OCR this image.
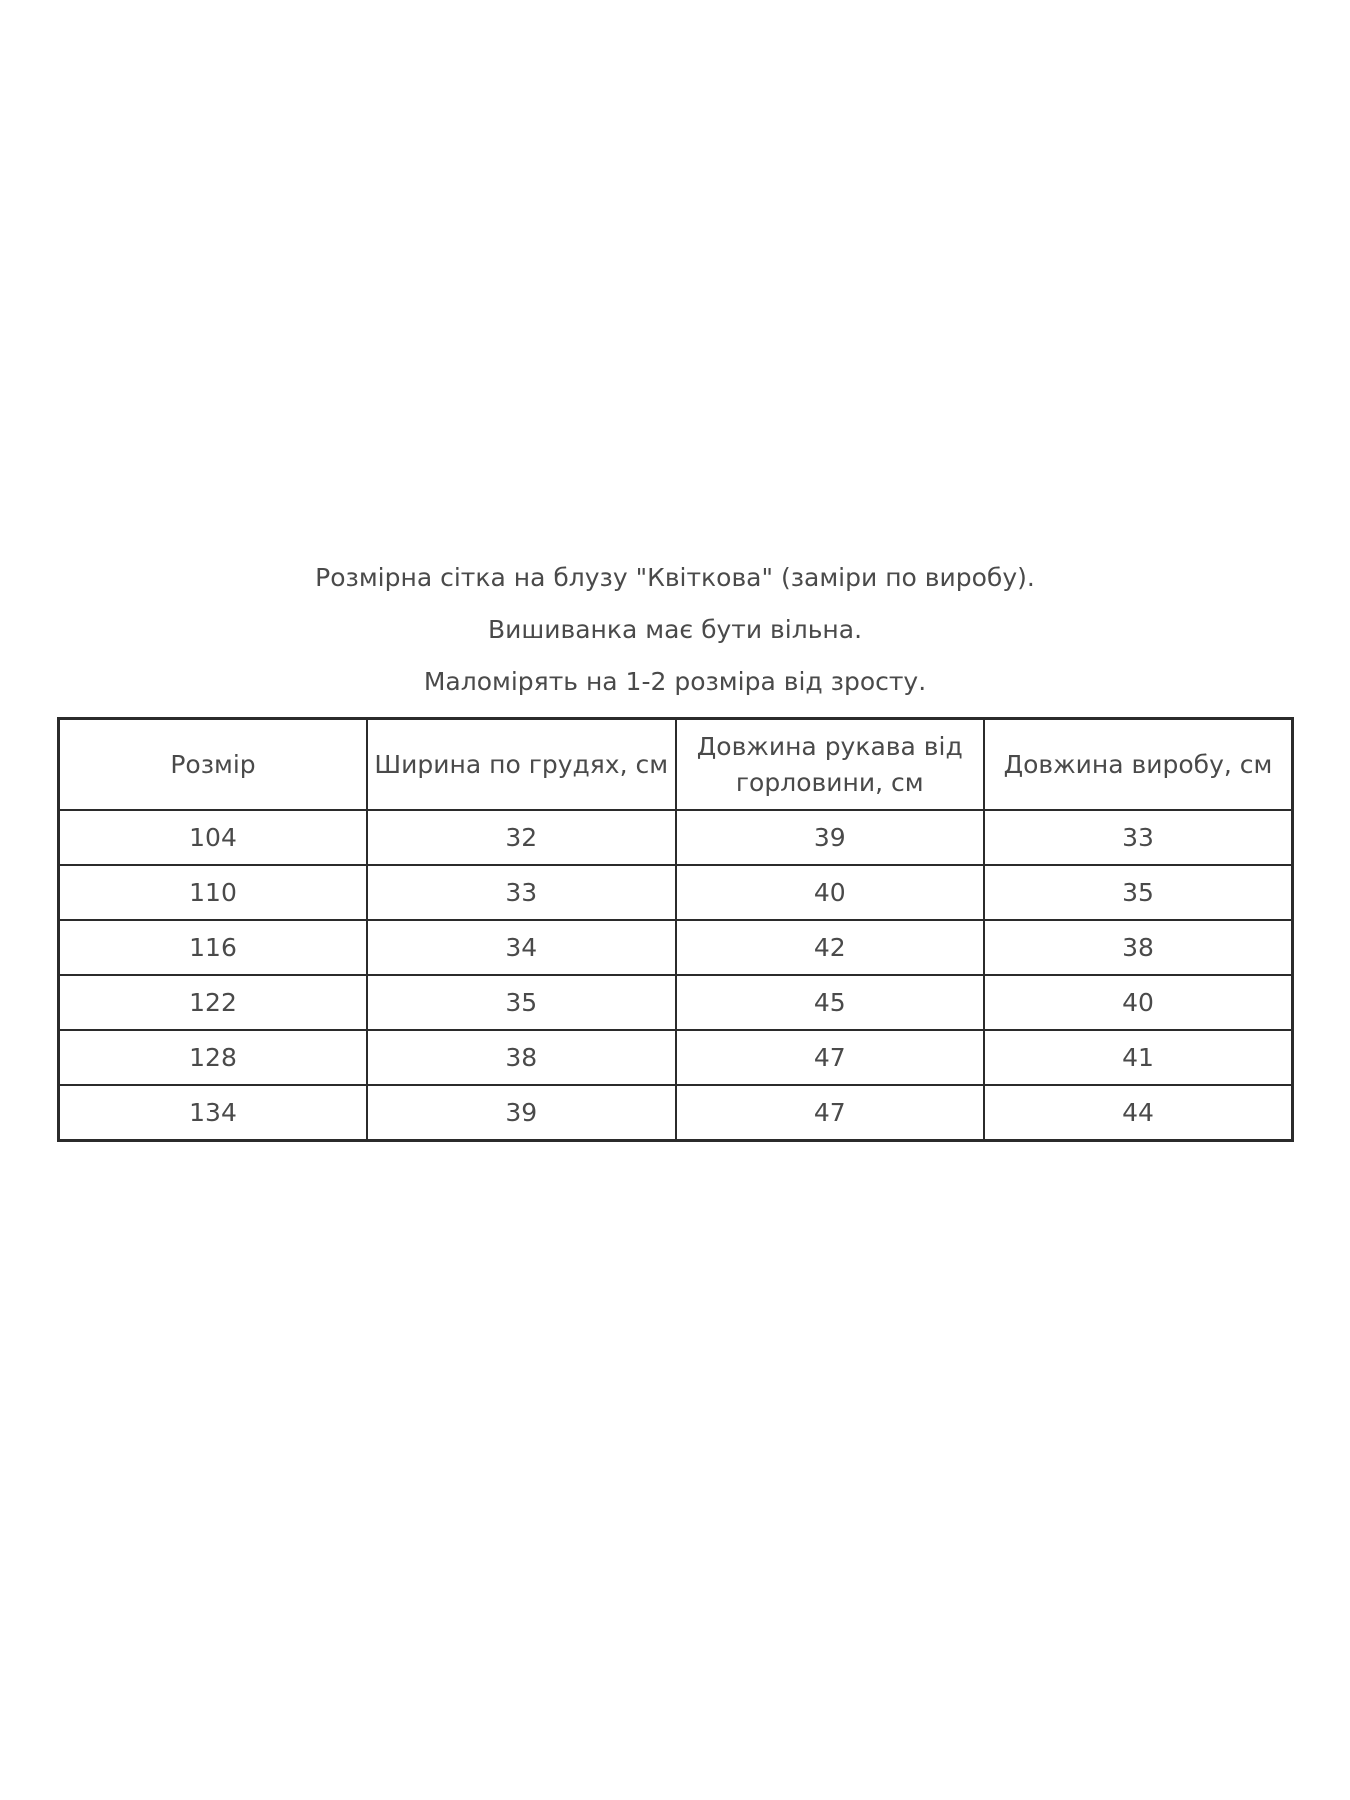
Розмірна сітка на блузу "Квіткова" (заміри по виробу).

Вишиванка має бути вільна.

Маломірять на 1-2 розміра від зросту.

Розмір	Ширина по грудях, см	Довжина рукава від горловини, см	Довжина виробу, см
104	32	39	33
110	33	40	35
116	34	42	38
122	35	45	40
128	38	47	41
134	39	47	44
